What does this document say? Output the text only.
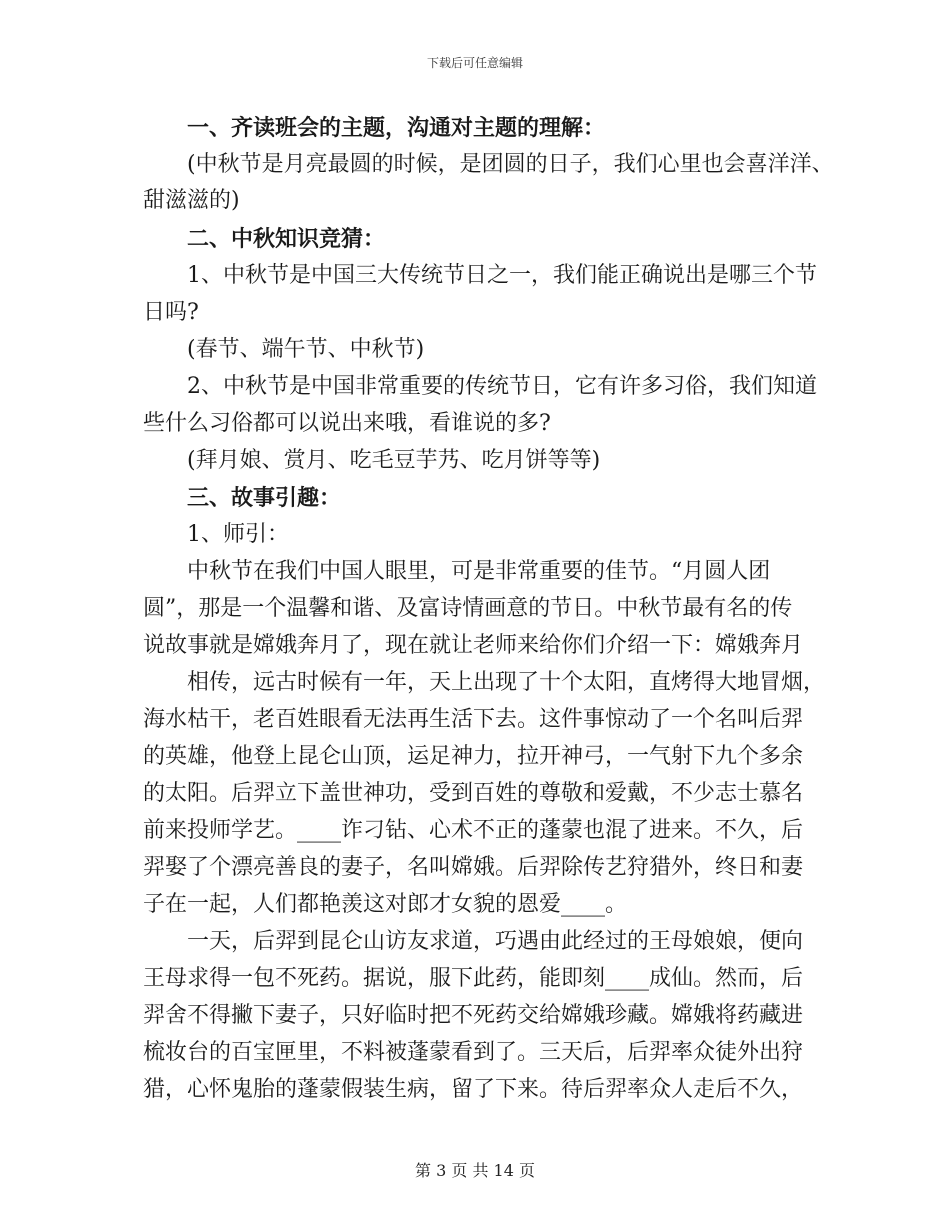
下载后可任意编辑
一、齐读班会的主题，沟通对主题的理解：
(中秋节是月亮最圆的时候，是团圆的日子，我们心里也会喜洋洋、
甜滋滋的)
二、中秋知识竞猜：
1、中秋节是中国三大传统节日之一，我们能正确说出是哪三个节
日吗?
(春节、端午节、中秋节)
2、中秋节是中国非常重要的传统节日，它有许多习俗，我们知道
些什么习俗都可以说出来哦，看谁说的多?
(拜月娘、赏月、吃毛豆芋艿、吃月饼等等)
三、故事引趣：
1、师引：
中秋节在我们中国人眼里，可是非常重要的佳节。“月圆人团
圆”，那是一个温馨和谐、及富诗情画意的节日。中秋节最有名的传
说故事就是嫦娥奔月了，现在就让老师来给你们介绍一下：嫦娥奔月
相传，远古时候有一年，天上出现了十个太阳，直烤得大地冒烟，
海水枯干，老百姓眼看无法再生活下去。这件事惊动了一个名叫后羿
的英雄，他登上昆仑山顶，运足神力，拉开神弓，一气射下九个多余
的太阳。后羿立下盖世神功，受到百姓的尊敬和爱戴，不少志士慕名
前来投师学艺。____诈刁钻、心术不正的蓬蒙也混了进来。不久，后
羿娶了个漂亮善良的妻子，名叫嫦娥。后羿除传艺狩猎外，终日和妻
子在一起，人们都艳羡这对郎才女貌的恩爱____。
一天，后羿到昆仑山访友求道，巧遇由此经过的王母娘娘，便向
王母求得一包不死药。据说，服下此药，能即刻____成仙。然而，后
羿舍不得撇下妻子，只好临时把不死药交给嫦娥珍藏。嫦娥将药藏进
梳妆台的百宝匣里，不料被蓬蒙看到了。三天后，后羿率众徒外出狩
猎，心怀鬼胎的蓬蒙假装生病，留了下来。待后羿率众人走后不久，
第 3 页 共 14 页
